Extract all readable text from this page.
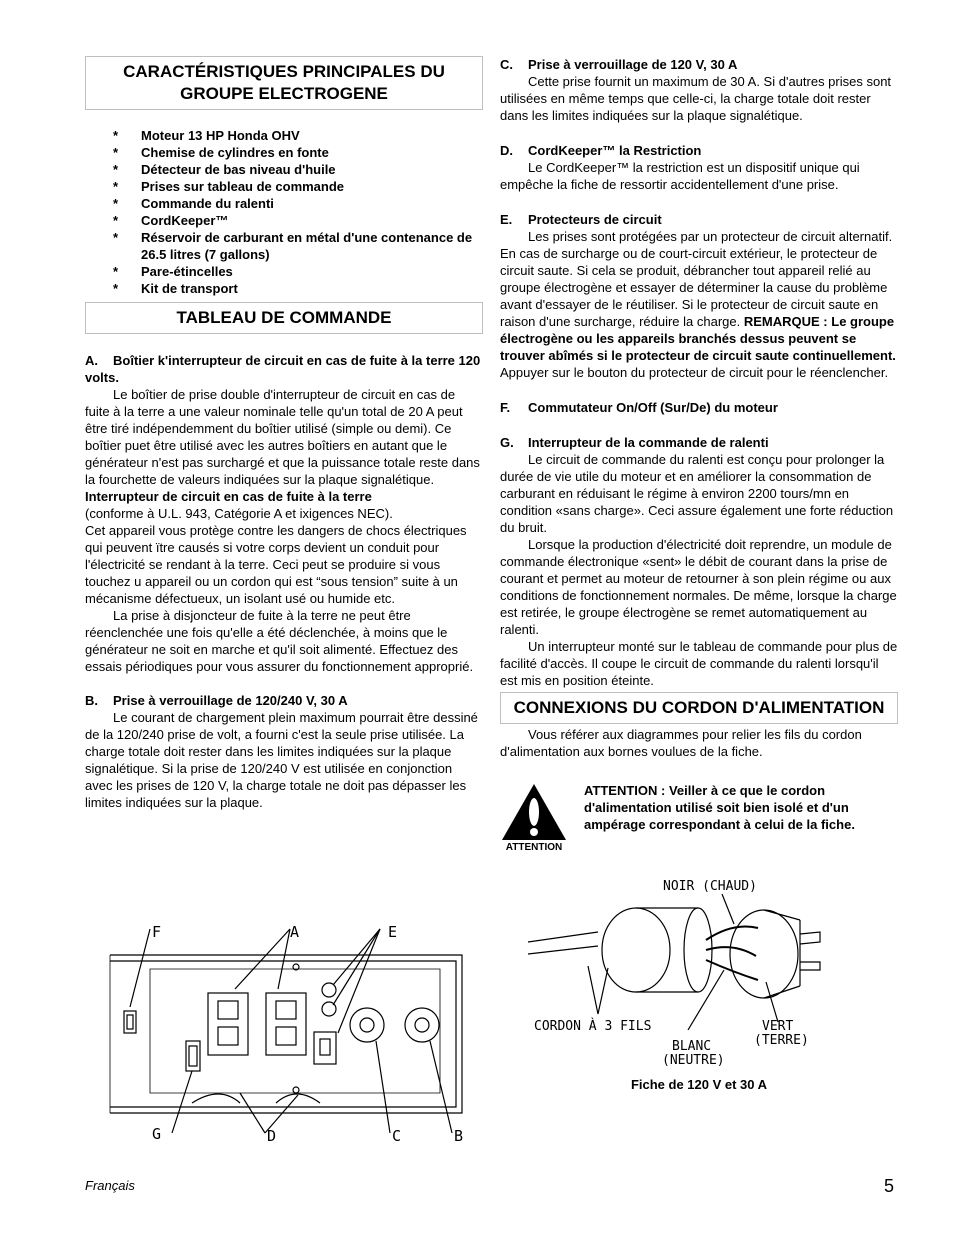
CARACTÉRISTIQUES PRINCIPALES DU GROUPE ELECTROGENE
* Moteur 13 HP Honda OHV
* Chemise de cylindres en fonte
* Détecteur de bas niveau d'huile
* Prises sur tableau de commande
* Commande du ralenti
* CordKeeper™
* Réservoir de carburant en métal d'une contenance de 26.5 litres (7 gallons)
* Pare-étincelles
* Kit de transport
TABLEAU DE COMMANDE

A. Boîtier k'interrupteur de circuit en cas de fuite à la terre 120 volts.

Le boîtier de prise double d'interrupteur de circuit en cas de fuite à la terre a une valeur nominale telle qu'un total de 20 A peut être tiré indépendemment du boîtier utilisé (simple ou demi). Ce boîtier puet être utilisé avec les autres boîtiers en autant que le générateur n'est pas surchargé et que la puissance totale reste dans la fourchette de valeurs indiquées sur la plaque signalétique.

Interrupteur de circuit en cas de fuite à la terre

(conforme à U.L. 943, Catégorie A et ixigences NEC).

Cet appareil vous protège contre les dangers de chocs électriques qui peuvent ïtre causés si votre corps devient un conduit pour l'électricité se rendant à la terre. Ceci peut se produire si vous touchez u appareil ou un cordon qui est “sous tension” suite à un mécanisme défectueux, un isolant usé ou humide etc.

La prise à disjoncteur de fuite à la terre ne peut être réenclenchée une fois qu'elle a été déclenchée, à moins que le générateur ne soit en marche et qu'il soit alimenté. Effectuez des essais périodiques pour vous assurer du fonctionnement approprié.

B. Prise à verrouillage de 120/240 V, 30 A

Le courant de chargement plein maximum pourrait être dessiné de la 120/240 prise de volt, a fourni c'est la seule prise utilisée. La charge totale doit rester dans les limites indiquées sur la plaque signalétique. Si la prise de 120/240 V est utilisée en conjonction avec les prises de 120 V, la charge totale ne doit pas dépasser les limites indiquées sur la plaque.

C. Prise à verrouillage de 120 V, 30 A

Cette prise fournit un maximum de 30 A. Si d'autres prises sont utilisées en même temps que celle-ci, la charge totale doit rester dans les limites indiquées sur la plaque signalétique.

D. CordKeeper™ la Restriction

Le CordKeeper™ la restriction est un dispositif unique qui empêche la fiche de ressortir accidentellement d'une prise.

E. Protecteurs de circuit

Les prises sont protégées par un protecteur de circuit alternatif. En cas de surcharge ou de court-circuit extérieur, le protecteur de circuit saute. Si cela se produit, débrancher tout appareil relié au groupe électrogène et essayer de déterminer la cause du problème avant d'essayer de le réutiliser. Si le protecteur de circuit saute en raison d'une surcharge, réduire la charge. REMARQUE : Le groupe électrogène ou les appareils branchés dessus peuvent se trouver abîmés si le protecteur de circuit saute continuellement. Appuyer sur le bouton du protecteur de circuit pour le réenclencher.

F. Commutateur On/Off (Sur/De) du moteur

G. Interrupteur de la commande de ralenti

Le circuit de commande du ralenti est conçu pour prolonger la durée de vie utile du moteur et en améliorer la consommation de carburant en réduisant le régime à environ 2200 tours/mn en condition «sans charge». Ceci assure également une forte réduction du bruit.

Lorsque la production d'électricité doit reprendre, un module de commande électronique «sent» le débit de courant dans la prise de courant et permet au moteur de retourner à son plein régime ou aux conditions de fonctionnement normales. De même, lorsque la charge est retirée, le groupe électrogène se remet automatiquement au ralenti.

Un interrupteur monté sur le tableau de commande pour plus de facilité d'accès. Il coupe le circuit de commande du ralenti lorsqu'il est mis en position éteinte.

CONNEXIONS DU CORDON D'ALIMENTATION

Vous référer aux diagrammes pour relier les fils du cordon d'alimentation aux bornes voulues de la fiche.

ATTENTION

ATTENTION : Veiller à ce que le cordon d'alimentation utilisé soit bien isolé et d'un ampérage correspondant à celui de la fiche.

F	A	E
G	D	C	B
NOIR (CHAUD)
CORDON À 3 FILS
BLANC
(NEUTRE)
VERT
(TERRE)
Fiche de 120 V et 30 A
Français	5
